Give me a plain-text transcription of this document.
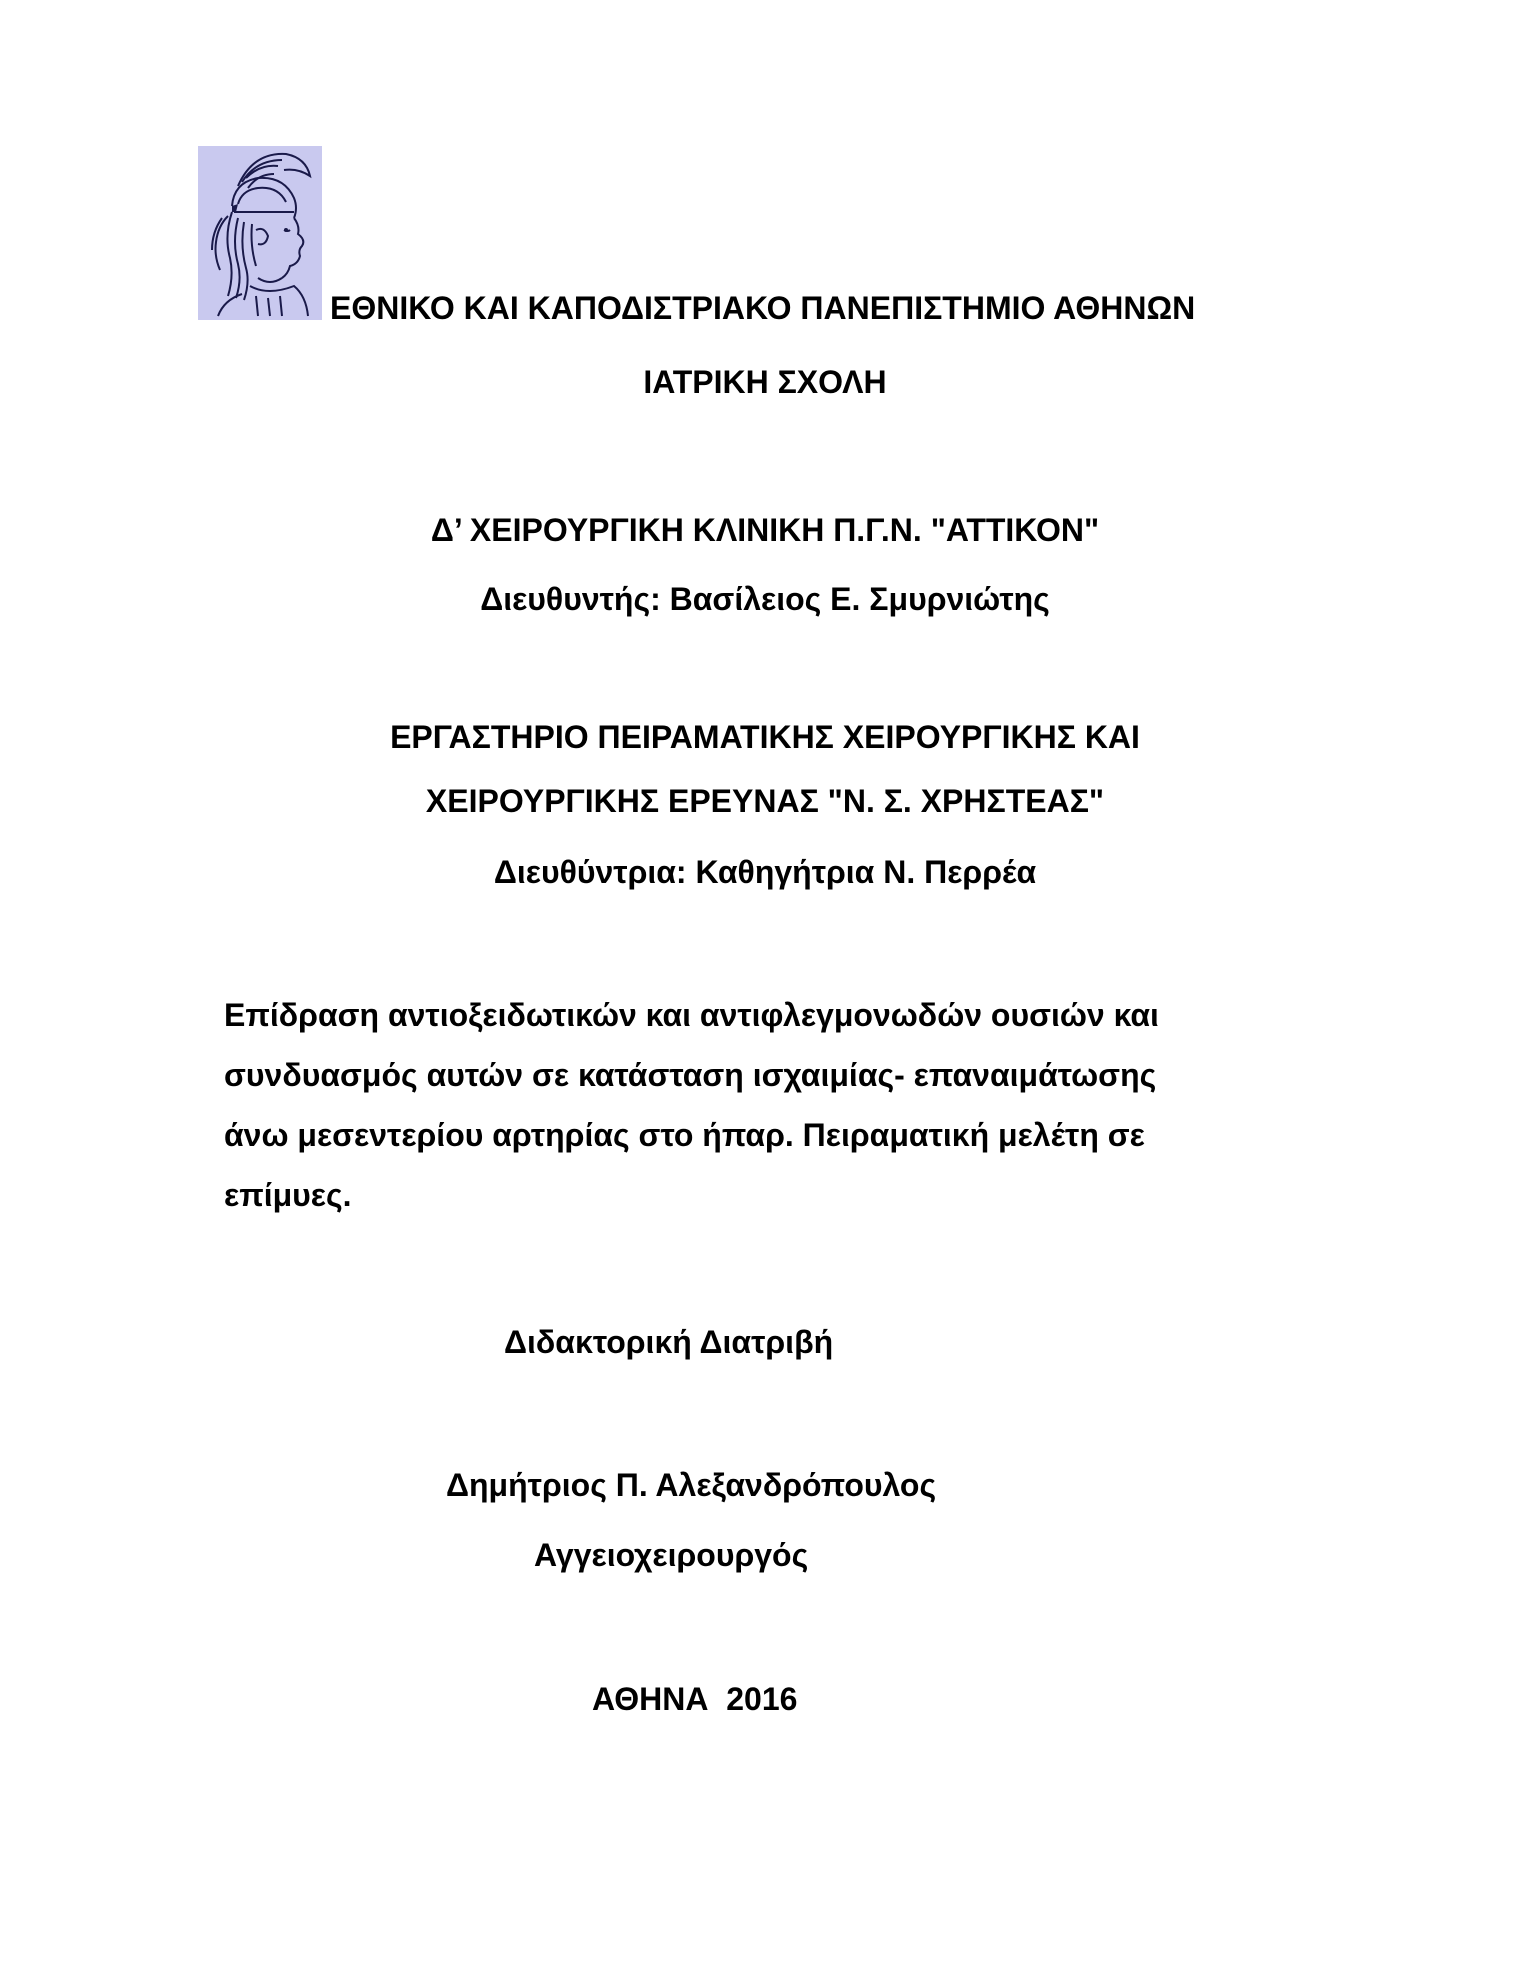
ΕΘΝΙΚΟ ΚΑΙ ΚΑΠΟΔΙΣΤΡΙΑΚΟ ΠΑΝΕΠΙΣΤΗΜΙΟ ΑΘΗΝΩΝ
ΙΑΤΡΙΚΗ ΣΧΟΛΗ
Δ’ ΧΕΙΡΟΥΡΓΙΚΗ ΚΛΙΝΙΚΗ Π.Γ.Ν. "ΑΤΤΙΚΟΝ"
Διευθυντής: Βασίλειος Ε. Σμυρνιώτης
ΕΡΓΑΣΤΗΡΙΟ ΠΕΙΡΑΜΑΤΙΚΗΣ ΧΕΙΡΟΥΡΓΙΚΗΣ ΚΑΙ
ΧΕΙΡΟΥΡΓΙΚΗΣ ΕΡΕΥΝΑΣ "Ν. Σ. ΧΡΗΣΤΕΑΣ"
Διευθύντρια: Καθηγήτρια Ν. Περρέα
Επίδραση αντιοξειδωτικών και αντιφλεγμονωδών ουσιών και
συνδυασμός αυτών σε κατάσταση ισχαιμίας- επαναιμάτωσης
άνω μεσεντερίου αρτηρίας στο ήπαρ. Πειραματική μελέτη σε
επίμυες.
Διδακτορική Διατριβή
Δημήτριος Π. Αλεξανδρόπουλος
Αγγειοχειρουργός
ΑΘΗΝΑ  2016
